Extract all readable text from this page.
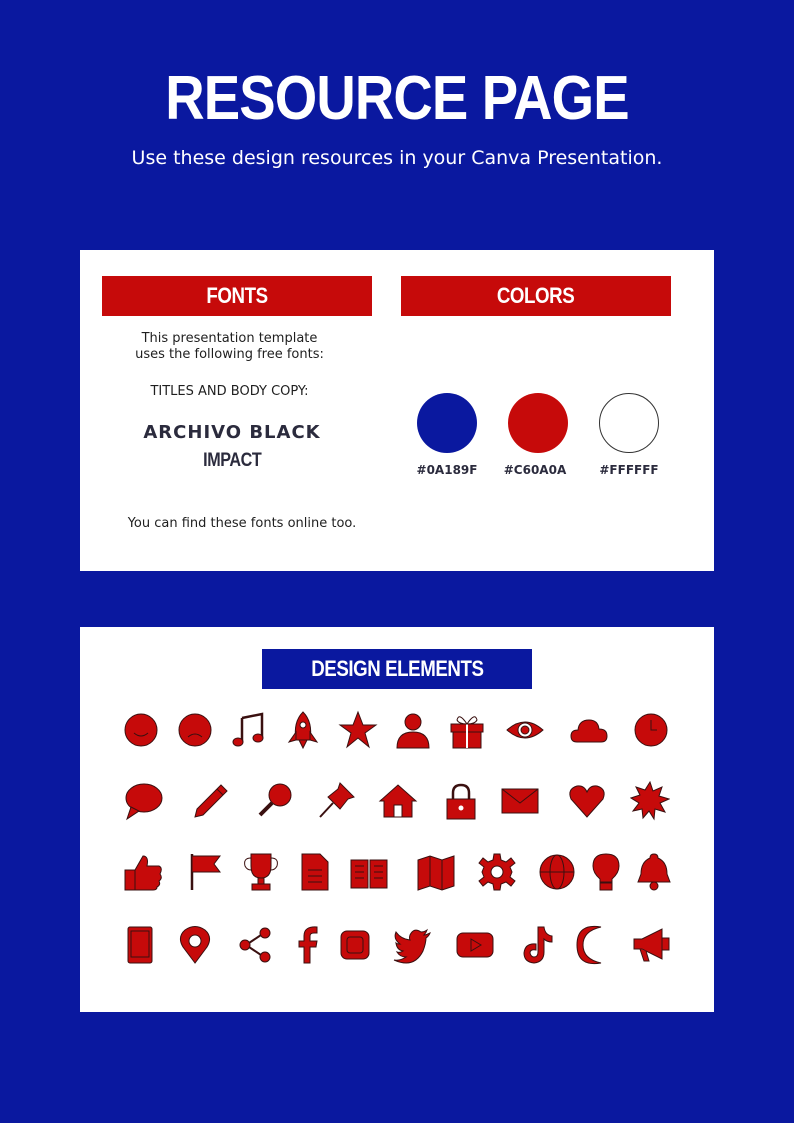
RESOURCE PAGE

Use these design resources in your Canva Presentation.

FONTS	COLORS
This presentation template
uses the following free fonts:
TITLES AND BODY COPY:
ARCHIVO BLACK
IMPACT
You can find these fonts online too.
#0A189F	#C60A0A	#FFFFFF
DESIGN ELEMENTS
